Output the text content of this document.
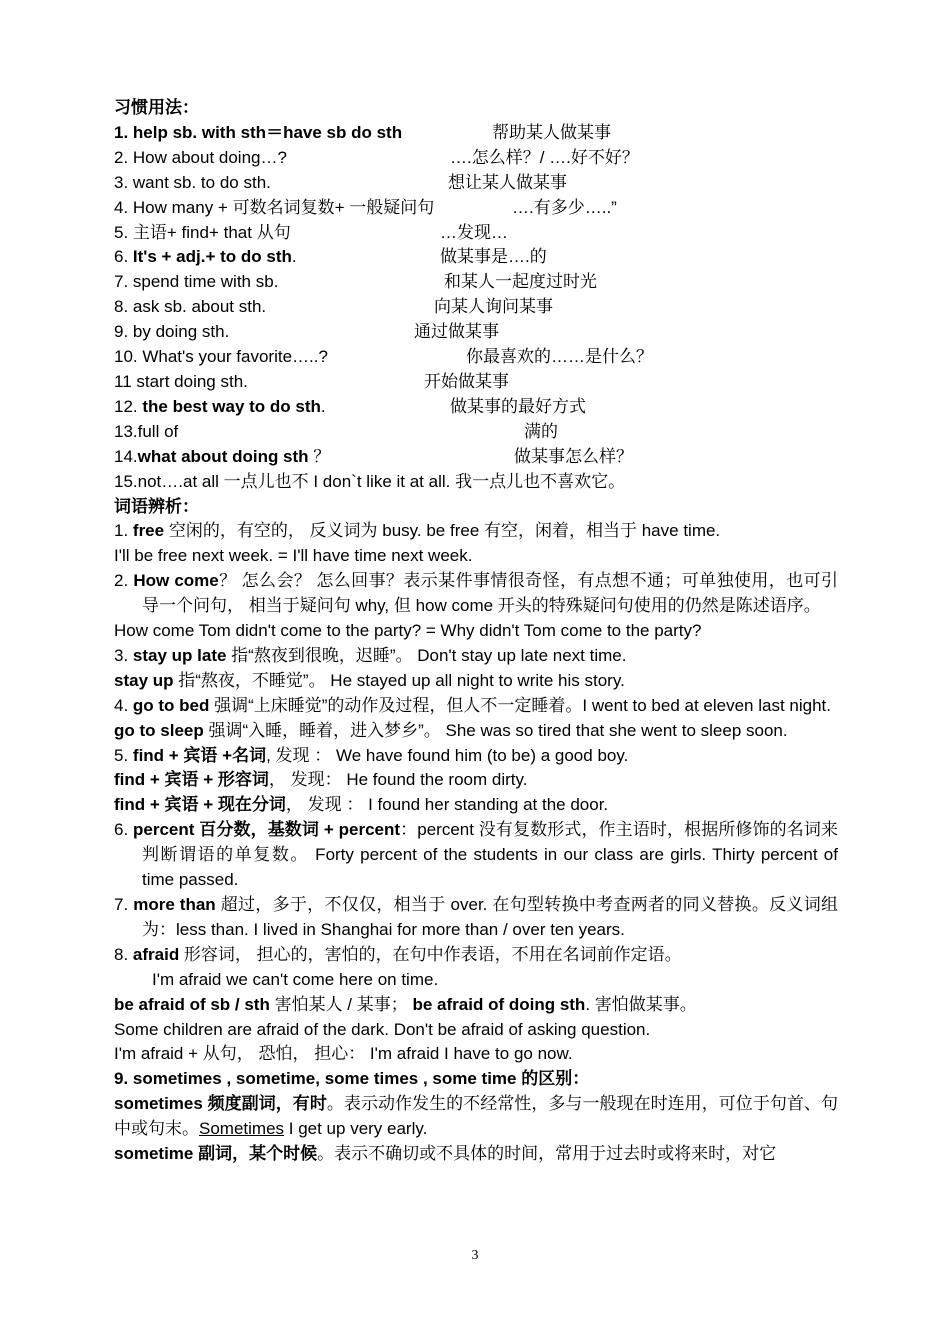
习惯用法：

1. help sb. with sth＝have sb do sth	帮助某人做某事

2. How about doing…?	….怎么样？/ ….好不好？

3. want sb. to do sth.	想让某人做某事

4. How many + 可数名词复数+ 一般疑问句	….有多少…..”

5. 主语+ find+ that 从句	…发现…

6. It's + adj.+ to do sth.	做某事是….的

7. spend time with sb.	和某人一起度过时光

8. ask sb. about sth.	向某人询问某事

9. by doing sth.	通过做某事

10. What's your favorite…..?	你最喜欢的……是什么？

11 start doing sth.	开始做某事

12. the best way to do sth.	做某事的最好方式

13.full of	满的

14.what about doing sth ？	做某事怎么样？

15.not….at all 一点儿也不 I don`t like it at all. 我一点儿也不喜欢它。

词语辨析：

1. free 空闲的，有空的， 反义词为 busy. be free 有空，闲着，相当于 have time.

I'll be free next week. = I'll have time next week.

2. How come？ 怎么会？ 怎么回事？表示某件事情很奇怪，有点想不通；可单独使用，也可引导一个问句， 相当于疑问句 why, 但 how come 开头的特殊疑问句使用的仍然是陈述语序。

How come Tom didn't come to the party? = Why didn't Tom come to the party?

3. stay up late 指“熬夜到很晚，迟睡”。 Don't stay up late next time.

stay up 指“熬夜，不睡觉”。 He stayed up all night to write his story.

4. go to bed 强调“上床睡觉”的动作及过程，但人不一定睡着。I went to bed at eleven last night.

go to sleep 强调“入睡，睡着，进入梦乡”。 She was so tired that she went to sleep soon.

5. find + 宾语 +名词, 发现 ： We have found him (to be) a good boy.

find + 宾语 + 形容词， 发现： He found the room dirty.

find + 宾语 + 现在分词， 发现 ： I found her standing at the door.

6. percent 百分数，基数词 + percent：percent 没有复数形式，作主语时，根据所修饰的名词来判断谓语的单复数。 Forty percent of the students in our class are girls. Thirty percent of time passed.

7. more than 超过，多于，不仅仅，相当于 over. 在句型转换中考查两者的同义替换。反义词组为：less than. I lived in Shanghai for more than / over ten years.

8. afraid 形容词， 担心的，害怕的，在句中作表语，不用在名词前作定语。

I'm afraid we can't come here on time.

be afraid of sb / sth 害怕某人 / 某事； be afraid of doing sth. 害怕做某事。

Some children are afraid of the dark. Don't be afraid of asking question.

I'm afraid + 从句， 恐怕， 担心： I'm afraid I have to go now.

9. sometimes , sometime, some times , some time 的区别：

sometimes 频度副词，有时。表示动作发生的不经常性，多与一般现在时连用，可位于句首、句中或句末。Sometimes I get up very early.

sometime 副词，某个时候。表示不确切或不具体的时间，常用于过去时或将来时，对它

3
